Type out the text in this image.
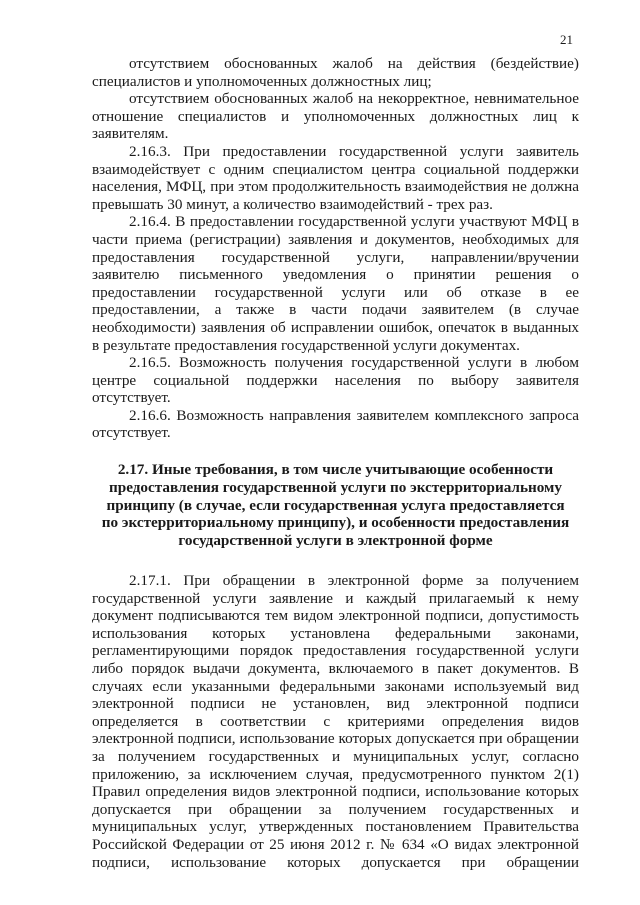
21

отсутствием обоснованных жалоб на действия (бездействие) специалистов и уполномоченных должностных лиц;

отсутствием обоснованных жалоб на некорректное, невнимательное отношение специалистов и уполномоченных должностных лиц к заявителям.

2.16.3. При предоставлении государственной услуги заявитель взаимодействует с одним специалистом центра социальной поддержки населения, МФЦ, при этом продолжительность взаимодействия не должна превышать 30 минут, а количество взаимодействий - трех раз.

2.16.4. В предоставлении государственной услуги участвуют МФЦ в части приема (регистрации) заявления и документов, необходимых для предоставления государственной услуги, направлении/вручении заявителю письменного уведомления о принятии решения о предоставлении государственной услуги или об отказе в ее предоставлении, а также в части подачи заявителем (в случае необходимости) заявления об исправлении ошибок, опечаток в выданных в результате предоставления государственной услуги документах.

2.16.5. Возможность получения государственной услуги в любом центре социальной поддержки населения по выбору заявителя отсутствует.

2.16.6. Возможность направления заявителем комплексного запроса отсутствует.

2.17. Иные требования, в том числе учитывающие особенности
предоставления государственной услуги по экстерриториальному
принципу (в случае, если государственная услуга предоставляется
по экстерриториальному принципу), и особенности предоставления
государственной услуги в электронной форме

2.17.1. При обращении в электронной форме за получением государственной услуги заявление и каждый прилагаемый к нему документ подписываются тем видом электронной подписи, допустимость использования которых установлена федеральными законами, регламентирующими порядок предоставления государственной услуги либо порядок выдачи документа, включаемого в пакет документов. В случаях если указанными федеральными законами используемый вид электронной подписи не установлен, вид электронной подписи определяется в соответствии с критериями определения видов электронной подписи, использование которых допускается при обращении за получением государственных и муниципальных услуг, согласно приложению, за исключением случая, предусмотренного пунктом 2(1) Правил определения видов электронной подписи, использование которых допускается при обращении за получением государственных и муниципальных услуг, утвержденных постановлением Правительства Российской Федерации от 25 июня 2012 г. № 634 «О видах электронной подписи, использование которых допускается при обращении
